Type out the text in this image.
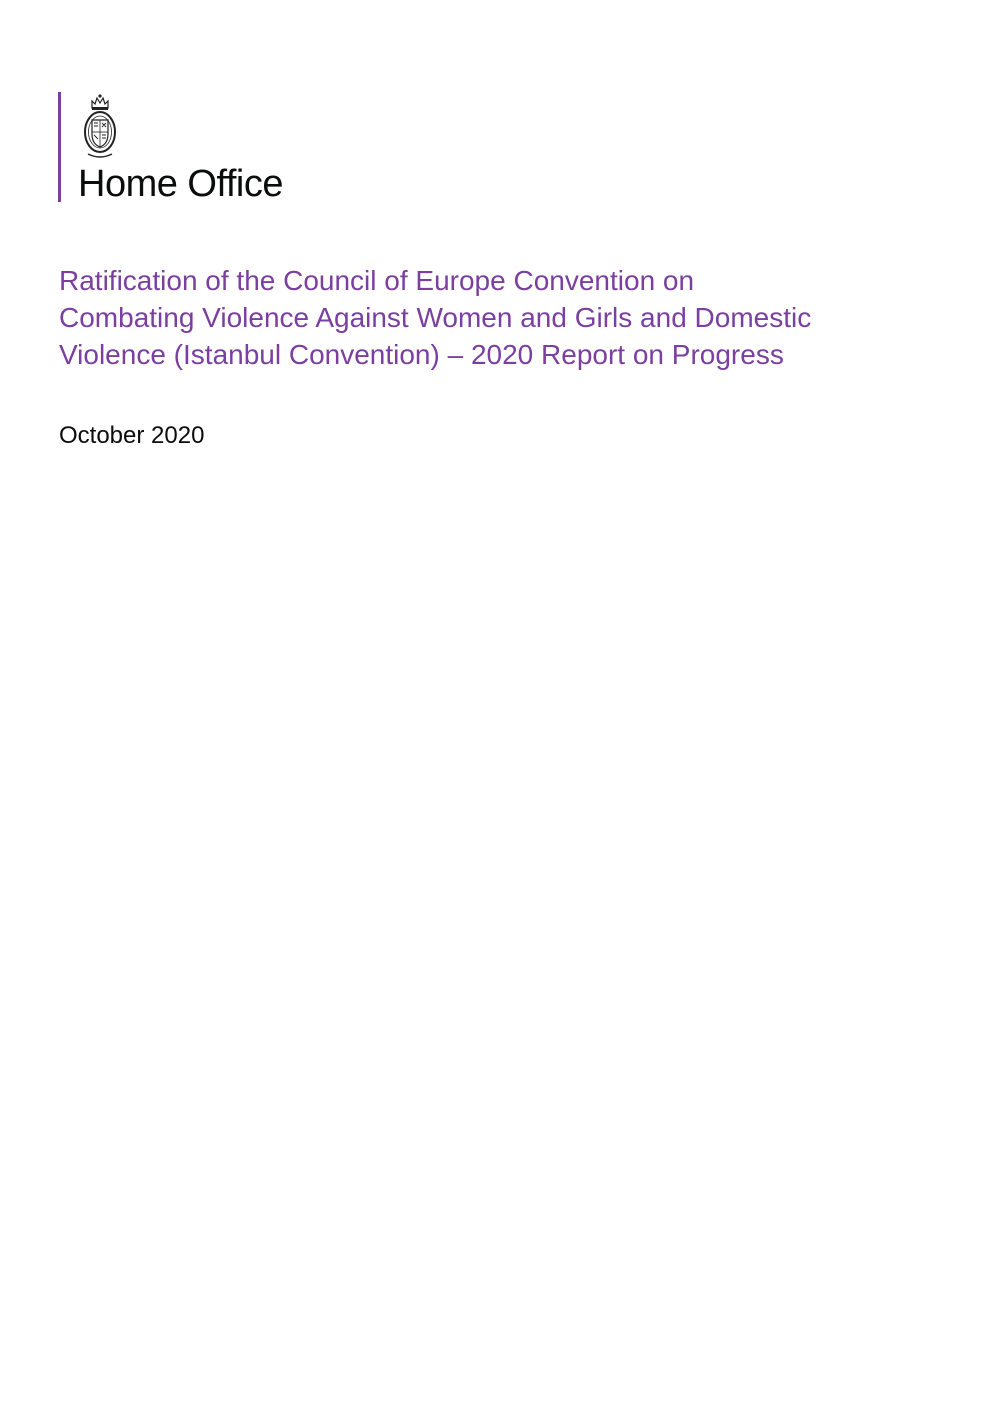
Home Office
Ratification of the Council of Europe Convention on
Combating Violence Against Women and Girls and Domestic
Violence (Istanbul Convention) – 2020 Report on Progress

October 2020
